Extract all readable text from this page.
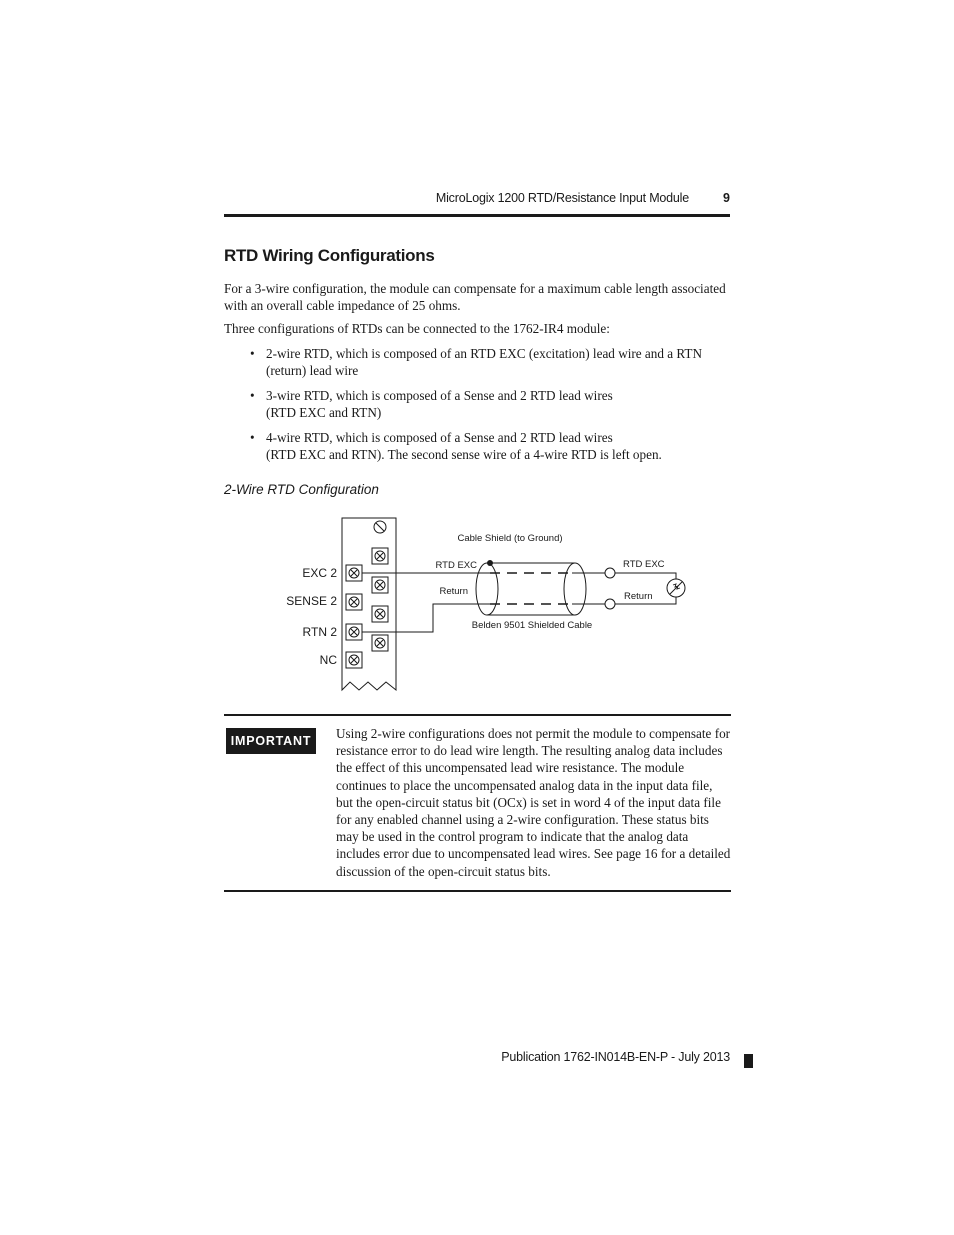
MicroLogix 1200 RTD/Resistance Input Module	9
RTD Wiring Configurations
For a 3-wire configuration, the module can compensate for a maximum cable length associated with an overall cable impedance of 25 ohms.
Three configurations of RTDs can be connected to the 1762-IR4 module:
• 2-wire RTD, which is composed of an RTD EXC (excitation) lead wire and a RTN (return) lead wire
• 3-wire RTD, which is composed of a Sense and 2 RTD lead wires
(RTD EXC and RTN)
• 4-wire RTD, which is composed of a Sense and 2 RTD lead wires
(RTD EXC and RTN). The second sense wire of a 4-wire RTD is left open.
2-Wire RTD Configuration
EXC 2
SENSE 2
RTN 2
NC
Cable Shield (to Ground)
RTD EXC
Return
RTD EXC
Return
Belden 9501 Shielded Cable
IMPORTANT	Using 2-wire configurations does not permit the module to compensate for resistance error to do lead wire length. The resulting analog data includes the effect of this uncompensated lead wire resistance. The module continues to place the uncompensated analog data in the input data file, but the open-circuit status bit (OCx) is set in word 4 of the input data file for any enabled channel using a 2-wire configuration. These status bits may be used in the control program to indicate that the analog data includes error due to uncompensated lead wires. See page 16 for a detailed discussion of the open-circuit status bits.
Publication 1762-IN014B-EN-P - July 2013
